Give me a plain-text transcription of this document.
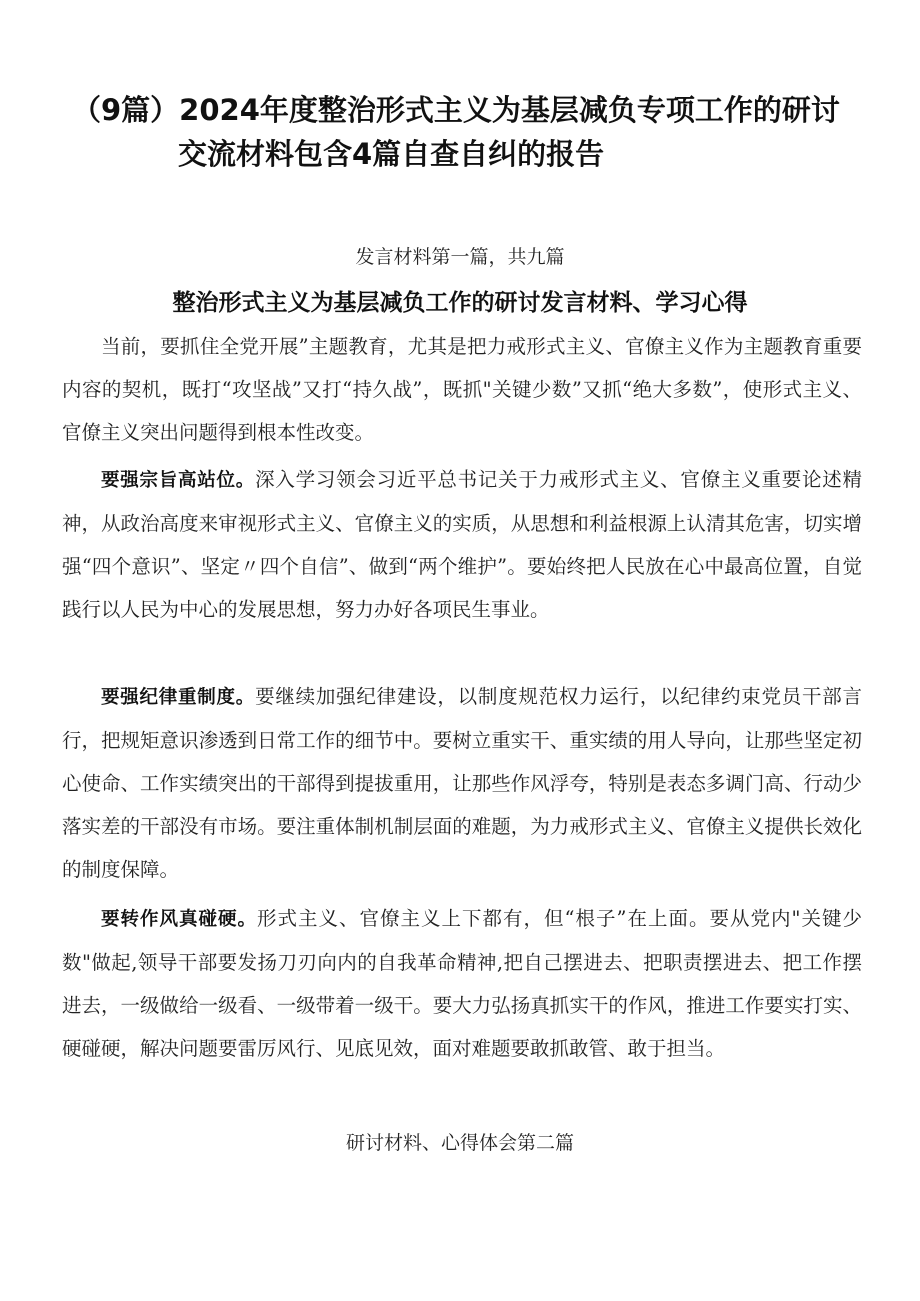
（9篇）2024年度整治形式主义为基层减负专项工作的研讨
交流材料包含4篇自查自纠的报告
发言材料第一篇，共九篇
整治形式主义为基层减负工作的研讨发言材料、学习心得

当前，要抓住全党开展”主题教育，尤其是把力戒形式主义、官僚主义作为主题教育重要内容的契机，既打“攻坚战”又打“持久战”，既抓"关键少数”又抓“绝大多数”，使形式主义、官僚主义突出问题得到根本性改变。

要强宗旨高站位。深入学习领会习近平总书记关于力戒形式主义、官僚主义重要论述精神，从政治高度来审视形式主义、官僚主义的实质，从思想和利益根源上认清其危害，切实增强“四个意识”、坚定〃四个自信”、做到“两个维护”。要始终把人民放在心中最高位置，自觉践行以人民为中心的发展思想，努力办好各项民生事业。

要强纪律重制度。要继续加强纪律建设，以制度规范权力运行，以纪律约束党员干部言行，把规矩意识渗透到日常工作的细节中。要树立重实干、重实绩的用人导向，让那些坚定初心使命、工作实绩突出的干部得到提拔重用，让那些作风浮夸，特别是表态多调门高、行动少落实差的干部没有市场。要注重体制机制层面的难题，为力戒形式主义、官僚主义提供长效化的制度保障。

要转作风真碰硬。形式主义、官僚主义上下都有，但“根子”在上面。要从党内"关键少数"做起,领导干部要发扬刀刃向内的自我革命精神,把自己摆进去、把职责摆进去、把工作摆进去，一级做给一级看、一级带着一级干。要大力弘扬真抓实干的作风，推进工作要实打实、硬碰硬，解决问题要雷厉风行、见底见效，面对难题要敢抓敢管、敢于担当。

研讨材料、心得体会第二篇
